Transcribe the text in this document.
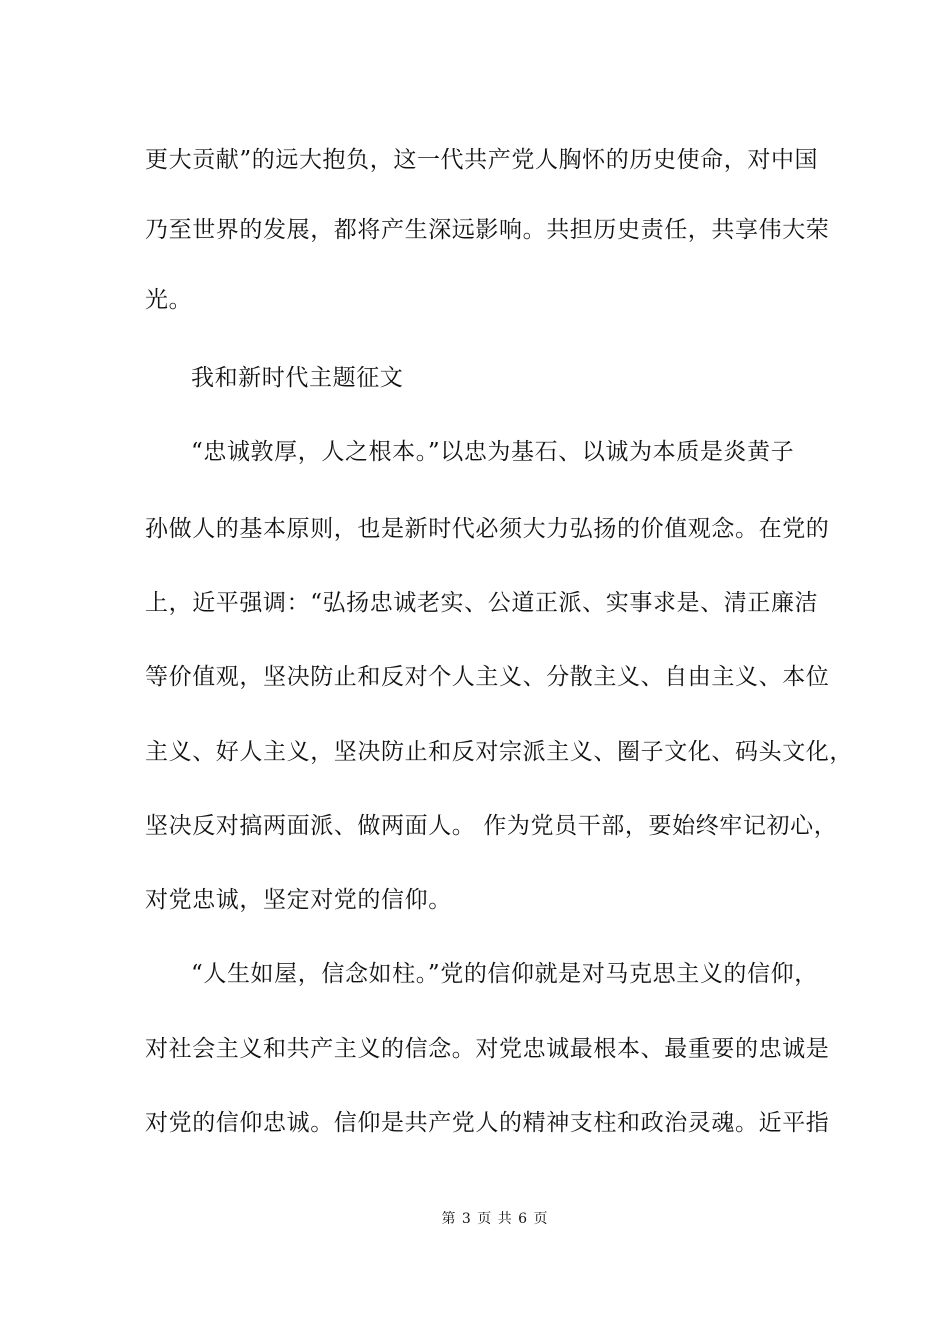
更大贡献”的远大抱负，这一代共产党人胸怀的历史使命，对中国
乃至世界的发展，都将产生深远影响。共担历史责任，共享伟大荣
光。
我和新时代主题征文
“忠诚敦厚，人之根本。”以忠为基石、以诚为本质是炎黄子
孙做人的基本原则，也是新时代必须大力弘扬的价值观念。在党的
上，近平强调：“弘扬忠诚老实、公道正派、实事求是、清正廉洁
等价值观，坚决防止和反对个人主义、分散主义、自由主义、本位
主义、好人主义，坚决防止和反对宗派主义、圈子文化、码头文化，
坚决反对搞两面派、做两面人。 作为党员干部，要始终牢记初心，
对党忠诚，坚定对党的信仰。
“人生如屋，信念如柱。”党的信仰就是对马克思主义的信仰，
对社会主义和共产主义的信念。对党忠诚最根本、最重要的忠诚是
对党的信仰忠诚。信仰是共产党人的精神支柱和政治灵魂。近平指
第 3 页 共 6 页
